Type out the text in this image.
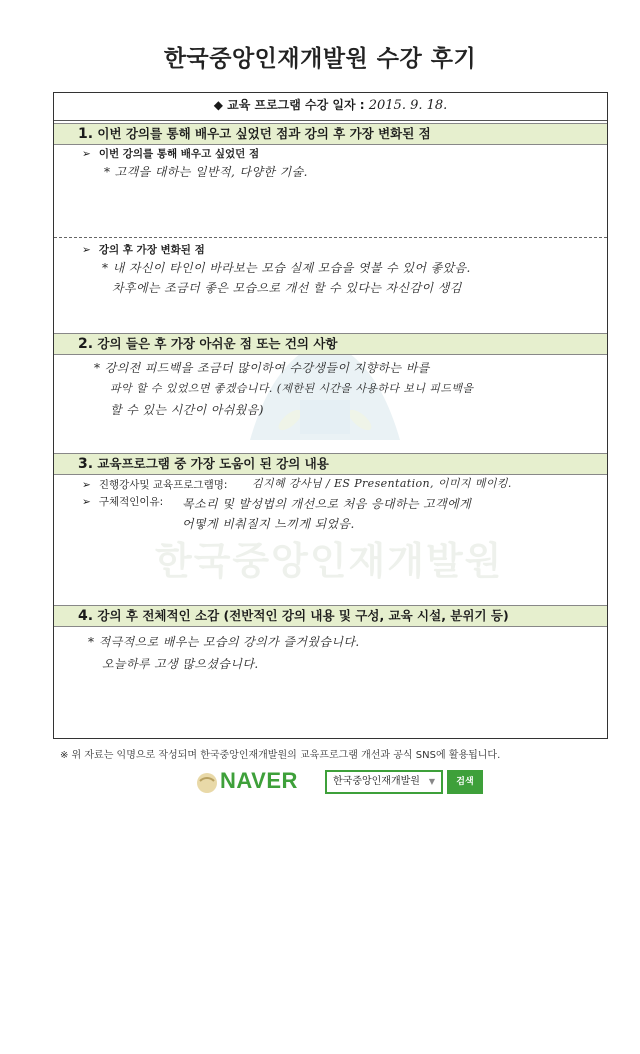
한국중앙인재개발원 수강 후기
한국중앙인재개발원
◆ 교육 프로그램 수강 일자 : 2015. 9. 18.
1. 이번 강의를 통해 배우고 싶었던 점과 강의 후 가장 변화된 점
➢ 이번 강의를 통해 배우고 싶었던 점
* 고객을 대하는 일반적, 다양한 기술.
➢ 강의 후 가장 변화된 점
* 내 자신이 타인이 바라보는 모습 실제 모습을 엿볼 수 있어 좋았음.
차후에는 조금더 좋은 모습으로 개선 할 수 있다는 자신감이 생김
2. 강의 들은 후 가장 아쉬운 점 또는 건의 사항
* 강의전 피드백을 조금더 많이하여 수강생들이 지향하는 바를
파악 할 수 있었으면 좋겠습니다. (제한된 시간을 사용하다 보니 피드백을
할 수 있는 시간이 아쉬웠음)
3. 교육프로그램 중 가장 도움이 된 강의 내용
➢ 진행강사및 교육프로그램명: 김지혜 강사님 / ES Presentation, 이미지 메이킹.
➢ 구체적인이유: 목소리 및 발성법의 개선으로 처음 응대하는 고객에게
어떻게 비춰질지 느끼게 되었음.
4. 강의 후 전체적인 소감 (전반적인 강의 내용 및 구성, 교육 시설, 분위기 등)
* 적극적으로 배우는 모습의 강의가 즐거웠습니다.
오늘하루 고생 많으셨습니다.
※ 위 자료는 익명으로 작성되며 한국중앙인재개발원의 교육프로그램 개선과 공식 SNS에 활용됩니다.
NAVER	한국중앙인재개발원 ▼	검색
